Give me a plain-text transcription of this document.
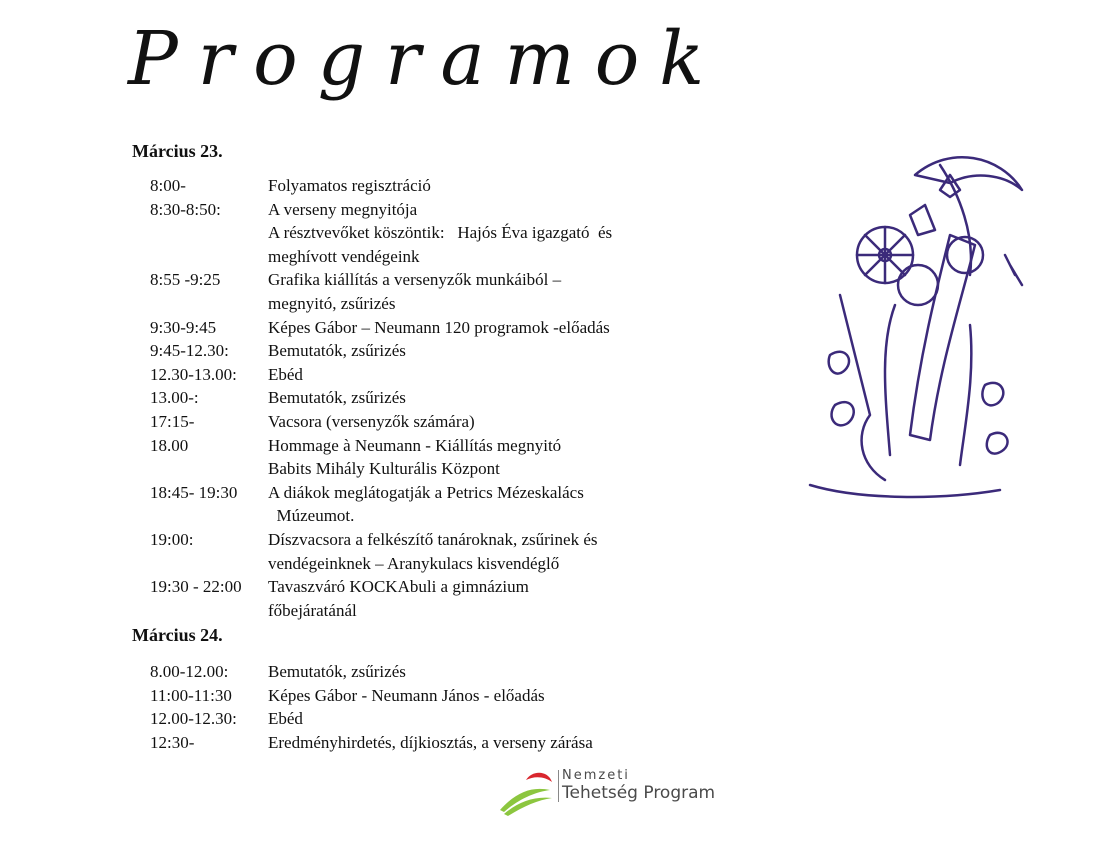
Programok
Március 23.
8:00-	Folyamatos regisztráció
8:30-8:50:	A verseny megnyitója
A résztvevőket köszöntik:   Hajós Éva igazgató  és
meghívott vendégeink
8:55 -9:25	Grafika kiállítás a versenyzők munkáiból –
megnyitó, zsűrizés
9:30-9:45	Képes Gábor – Neumann 120 programok -előadás
9:45-12.30:	Bemutatók, zsűrizés
12.30-13.00:	Ebéd
13.00-:	Bemutatók, zsűrizés
17:15-	Vacsora (versenyzők számára)
18.00	Hommage à Neumann - Kiállítás megnyitó
Babits Mihály Kulturális Központ
18:45- 19:30	A diákok meglátogatják a Petrics Mézeskalács
Múzeumot.
19:00:	Díszvacsora a felkészítő tanároknak, zsűrinek és
vendégeinknek – Aranykulacs kisvendéglő
19:30 - 22:00	Tavaszváró KOCKAbuli a gimnázium
főbejáratánál
Március 24.
8.00-12.00:	Bemutatók, zsűrizés
11:00-11:30	Képes Gábor - Neumann János - előadás
12.00-12.30:	Ebéd
12:30-	Eredményhirdetés, díjkiosztás, a verseny zárása
Nemzeti
Tehetség Program
